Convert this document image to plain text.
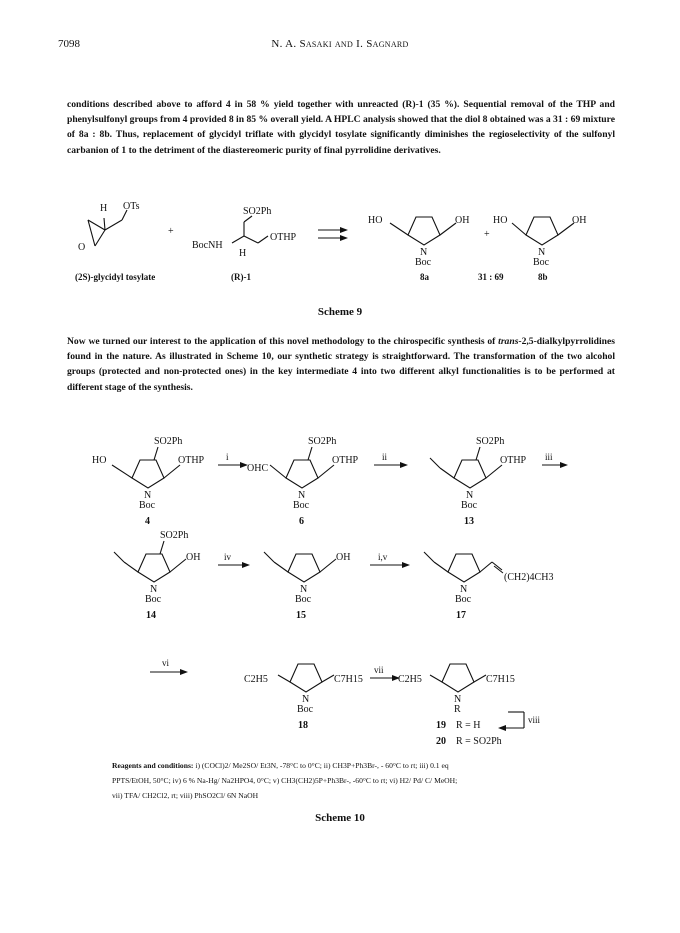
7098	N. A. Sasaki and I. Sagnard
conditions described above to afford 4 in 58 % yield together with unreacted (R)-1 (35 %). Sequential removal of the THP and phenylsulfonyl groups from 4 provided 8 in 85 % overall yield. A HPLC analysis showed that the diol 8 obtained was a 31 : 69 mixture of 8a : 8b. Thus, replacement of glycidyl triflate with glycidyl tosylate significantly diminishes the regioselectivity of the sulfonyl carbanion of 1 to the detriment of the diastereomeric purity of final pyrrolidine derivatives.
H OTs
O
+
SO2Ph
BocNH
OTHP
H
HO	OH
N
Boc
+
HO	OH
N
Boc
(2S)-glycidyl tosylate	(R)-1	8a	31 : 69	8b
Scheme 9
Now we turned our interest to the application of this novel methodology to the chirospecific synthesis of trans-2,5-dialkylpyrrolidines found in the nature. As illustrated in Scheme 10, our synthetic strategy is straightforward. The transformation of the two alcohol groups (protected and non-protected ones) in the key intermediate 4 into two different alkyl functionalities is to be performed at different stage of the synthesis.
SO2Ph
HO	OTHP
N
Boc
4
i
SO2Ph
OHC
OTHP
N
Boc
6
ii
SO2Ph
OTHP
N
Boc
13
iii
SO2Ph
OH
N
Boc
14
iv	OH
N
Boc
15
i,v
(CH2)4CH3
N
Boc
17
vi
C2H5	C7H15
N
Boc
18
vii
C2H5	C7H15
N
R
19 R = H
20 R = SO2Ph
viii
Reagents and conditions: i) (COCl)2/ Me2SO/ Et3N, -78°C to 0°C; ii) CH3P+Ph3Br-, - 60°C to rt; iii) 0.1 eq
PPTS/EtOH, 50°C; iv) 6 % Na-Hg/ Na2HPO4, 0°C; v) CH3(CH2)5P+Ph3Br-, -60°C to rt; vi) H2/ Pd/ C/ MeOH;
vii) TFA/ CH2Cl2, rt; viii) PhSO2Cl/ 6N NaOH
Scheme 10
